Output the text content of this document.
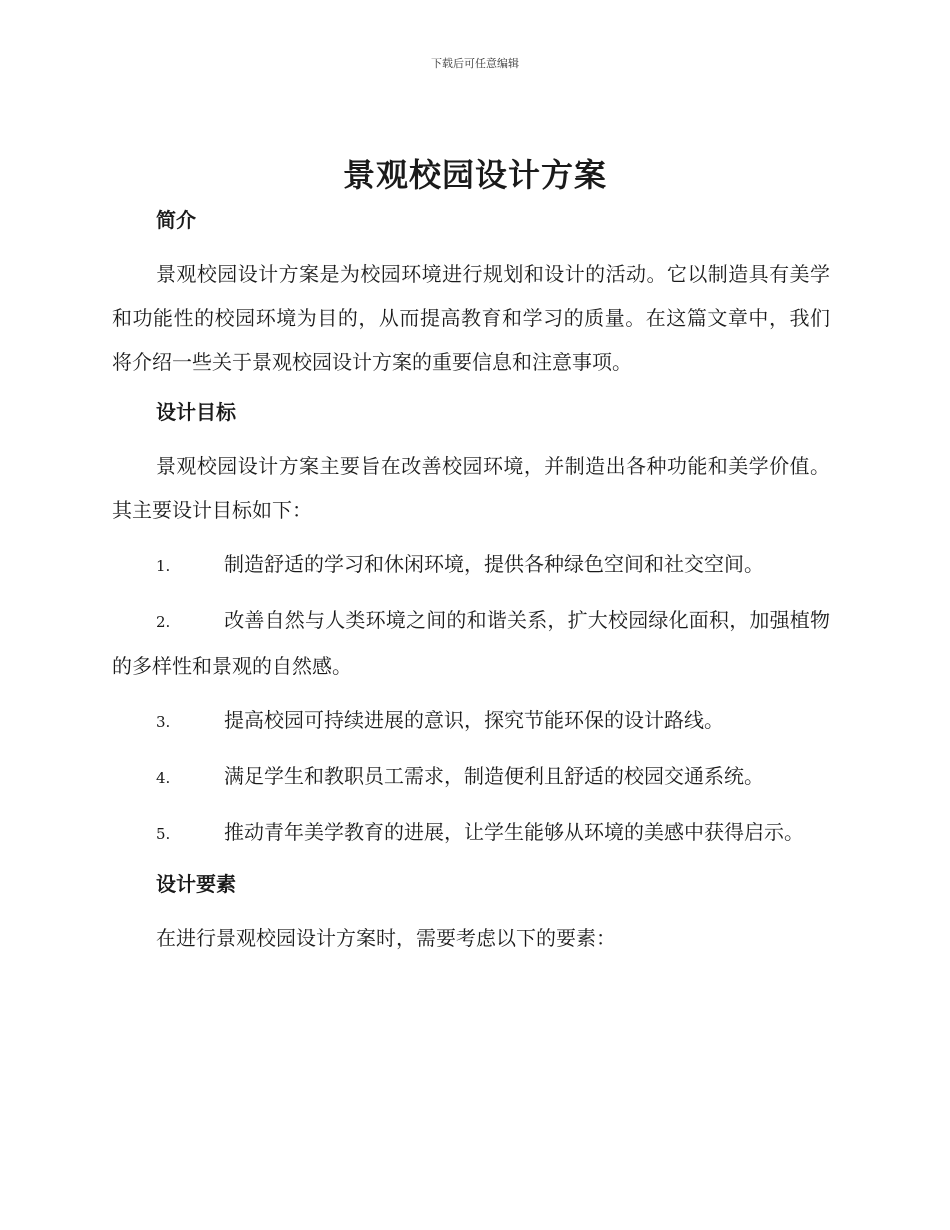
下载后可任意编辑
景观校园设计方案
简介

景观校园设计方案是为校园环境进行规划和设计的活动。它以制造具有美学和功能性的校园环境为目的，从而提高教育和学习的质量。在这篇文章中，我们将介绍一些关于景观校园设计方案的重要信息和注意事项。

设计目标

景观校园设计方案主要旨在改善校园环境，并制造出各种功能和美学价值。其主要设计目标如下：

1.	制造舒适的学习和休闲环境，提供各种绿色空间和社交空间。

2.	改善自然与人类环境之间的和谐关系，扩大校园绿化面积，加强植物的多样性和景观的自然感。

3.	提高校园可持续进展的意识，探究节能环保的设计路线。

4.	满足学生和教职员工需求，制造便利且舒适的校园交通系统。

5.	推动青年美学教育的进展，让学生能够从环境的美感中获得启示。

设计要素

在进行景观校园设计方案时，需要考虑以下的要素：
